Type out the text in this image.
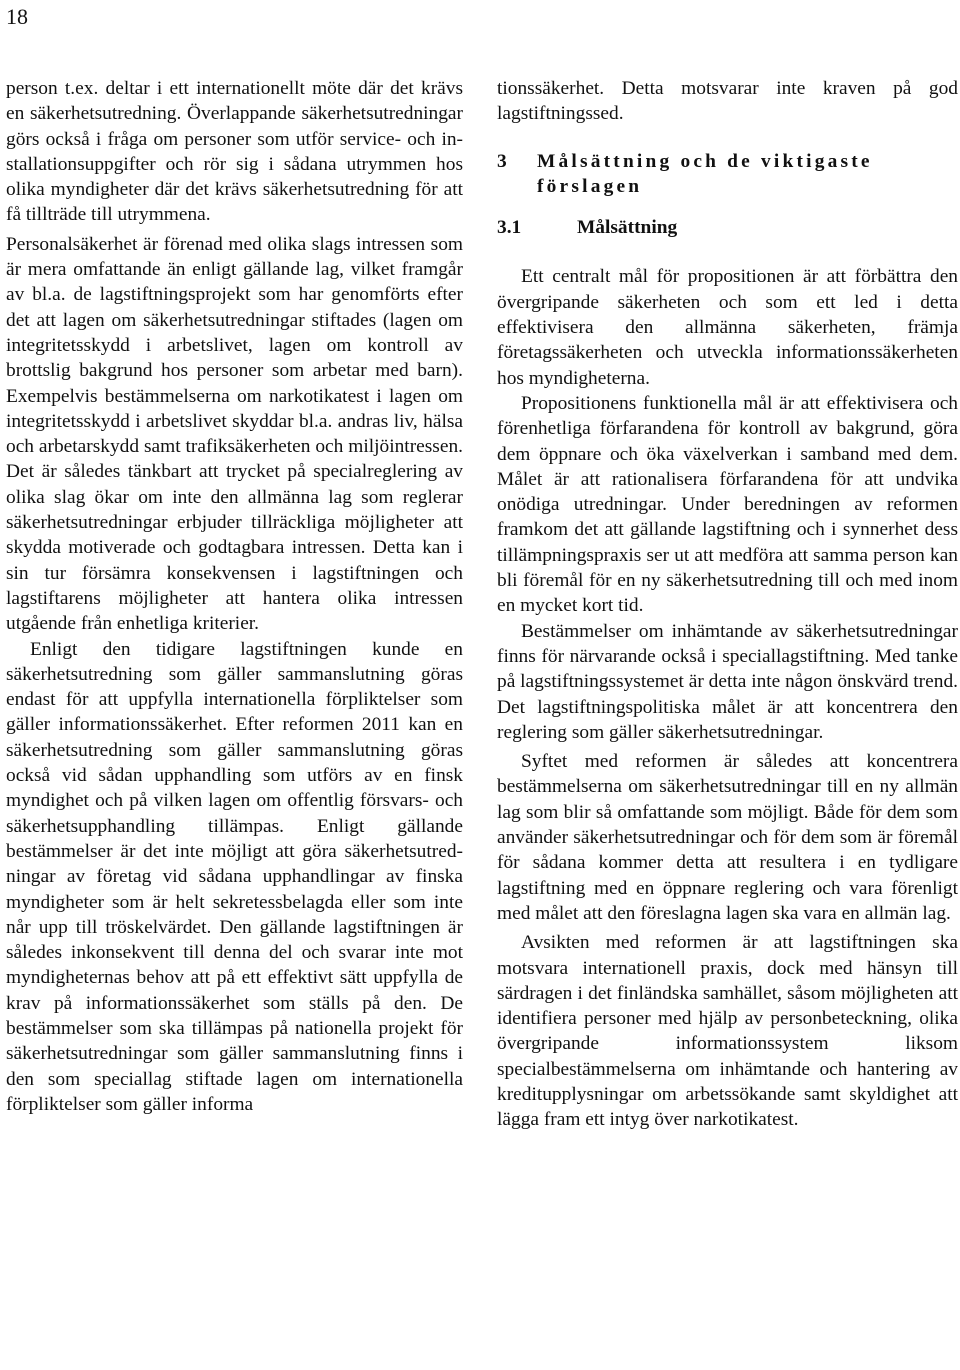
18

person t.ex. deltar i ett internationellt möte där det krävs en säkerhetsutredning. Överlappande säkerhetsutredningar görs också i fråga om personer som utför service- och installationsuppgifter och rör sig i sådana utrymmen hos olika myndigheter där det krävs säkerhetsutredning för att få tillträde till utrymmena.

Personalsäkerhet är förenad med olika slags intressen som är mera omfattande än enligt gällande lag, vilket framgår av bl.a. de lagstiftningsprojekt som har genomförts efter det att lagen om säkerhetsutredningar stiftades (lagen om integritetsskydd i arbetslivet, lagen om kontroll av brottslig bakgrund hos personer som arbetar med barn). Exempelvis bestämmelserna om narkotikatest i lagen om integritetsskydd i arbetslivet skyddar bl.a. andras liv, hälsa och arbetarskydd samt trafiksäkerheten och miljöintressen. Det är således tänkbart att trycket på specialreglering av olika slag ökar om inte den allmänna lag som reglerar säkerhetsutredningar erbjuder tillräckliga möjligheter att skydda motiverade och godtagbara intressen. Detta kan i sin tur försämra konsekvensen i lagstiftningen och lagstiftarens möjligheter att hantera olika intressen utgående från enhetliga kriterier.

Enligt den tidigare lagstiftningen kunde en säkerhetsutredning som gäller sammanslutning göras endast för att uppfylla internationella förpliktelser som gäller informationssäkerhet. Efter reformen 2011 kan en säkerhetsutredning som gäller sammanslutning göras också vid sådan upphandling som utförs av en finsk myndighet och på vilken lagen om offentlig försvars- och säkerhetsupphandling tillämpas. Enligt gällande bestämmelser är det inte möjligt att göra säkerhetsutredningar av företag vid sådana upphandlingar av finska myndigheter som är helt sekretessbelagda eller som inte når upp till tröskelvärdet. Den gällande lagstiftningen är således inkonsekvent till denna del och svarar inte mot myndigheternas behov att på ett effektivt sätt uppfylla de krav på informationssäkerhet som ställs på den. De bestämmelser som ska tillämpas på nationella projekt för säkerhetsutredningar som gäller sammanslutning finns i den som speciallag stiftade lagen om internationella förpliktelser som gäller informa

tionssäkerhet. Detta motsvarar inte kraven på god lagstiftningssed.

3	Målsättning och de viktigaste förslagen
3.1	Målsättning

Ett centralt mål för propositionen är att förbättra den övergripande säkerheten och som ett led i detta effektivisera den allmänna säkerheten, främja företagssäkerheten och utveckla informationssäkerheten hos myndigheterna.

Propositionens funktionella mål är att effektivisera och förenhetliga förfarandena för kontroll av bakgrund, göra dem öppnare och öka växelverkan i samband med dem. Målet är att rationalisera förfarandena för att undvika onödiga utredningar. Under beredningen av reformen framkom det att gällande lagstiftning och i synnerhet dess tillämpningspraxis ser ut att medföra att samma person kan bli föremål för en ny säkerhetsutredning till och med inom en mycket kort tid.

Bestämmelser om inhämtande av säkerhetsutredningar finns för närvarande också i speciallagstiftning. Med tanke på lagstiftningssystemet är detta inte någon önskvärd trend. Det lagstiftningspolitiska målet är att koncentrera den reglering som gäller säkerhetsutredningar.

Syftet med reformen är således att koncentrera bestämmelserna om säkerhetsutredningar till en ny allmän lag som blir så omfattande som möjligt. Både för dem som använder säkerhetsutredningar och för dem som är föremål för sådana kommer detta att resultera i en tydligare lagstiftning med en öppnare reglering och vara förenligt med målet att den föreslagna lagen ska vara en allmän lag.

Avsikten med reformen är att lagstiftningen ska motsvara internationell praxis, dock med hänsyn till särdragen i det finländska samhället, såsom möjligheten att identifiera personer med hjälp av personbeteckning, olika övergripande informationssystem liksom specialbestämmelserna om inhämtande och hantering av kreditupplysningar om arbetssökande samt skyldighet att lägga fram ett intyg över narkotikatest.
